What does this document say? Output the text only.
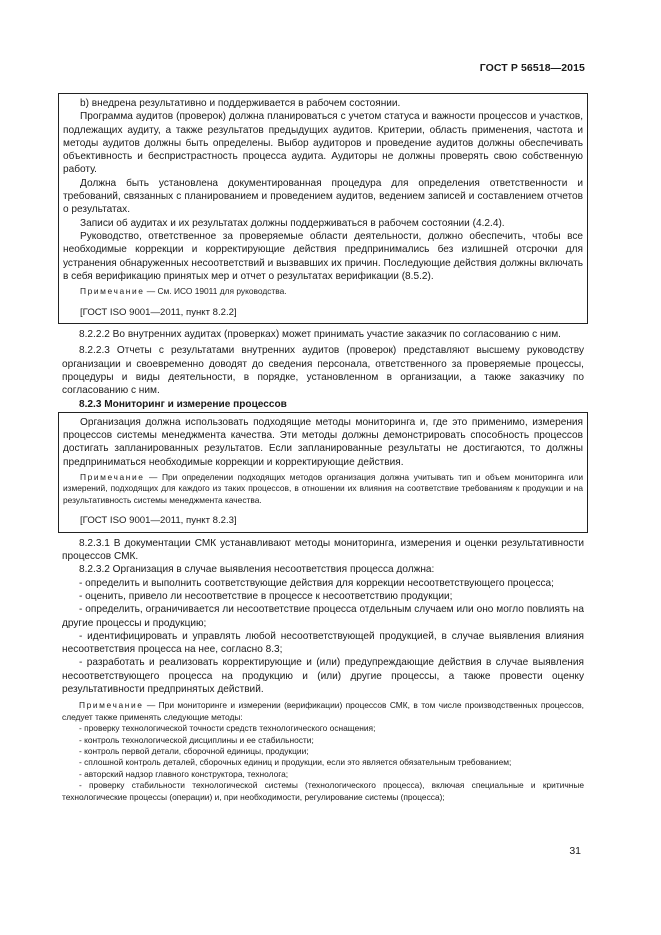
ГОСТ Р 56518—2015

b) внедрена результативно и поддерживается в рабочем состоянии.

Программа аудитов (проверок) должна планироваться с учетом статуса и важности процессов и участков, подлежащих аудиту, а также результатов предыдущих аудитов. Критерии, область применения, частота и методы аудитов должны быть определены. Выбор аудиторов и проведение аудитов должны обеспечивать объективность и беспристрастность процесса аудита. Аудиторы не должны проверять свою собственную работу.

Должна быть установлена документированная процедура для определения ответственности и требований, связанных с планированием и проведением аудитов, ведением записей и составлением отчетов о результатах.

Записи об аудитах и их результатах должны поддерживаться в рабочем состоянии (4.2.4).

Руководство, ответственное за проверяемые области деятельности, должно обеспечить, чтобы все необходимые коррекции и корректирующие действия предпринимались без излишней отсрочки для устранения обнаруженных несоответствий и вызвавших их причин. Последующие действия должны включать в себя верификацию принятых мер и отчет о результатах верификации (8.5.2).

Примечание — См. ИСО 19011 для руководства.

[ГОСТ ISO 9001—2011, пункт 8.2.2]

8.2.2.2 Во внутренних аудитах (проверках) может принимать участие заказчик по согласованию с ним.

8.2.2.3 Отчеты с результатами внутренних аудитов (проверок) представляют высшему руководству организации и своевременно доводят до сведения персонала, ответственного за проверяемые процессы, процедуры и виды деятельности, в порядке, установленном в организации, а также заказчику по согласованию с ним.

8.2.3 Мониторинг и измерение процессов

Организация должна использовать подходящие методы мониторинга и, где это применимо, измерения процессов системы менеджмента качества. Эти методы должны демонстрировать способность процессов достигать запланированных результатов. Если запланированные результаты не достигаются, то должны предприниматься необходимые коррекции и корректирующие действия.

Примечание — При определении подходящих методов организация должна учитывать тип и объем мониторинга или измерений, подходящих для каждого из таких процессов, в отношении их влияния на соответствие требованиям к продукции и на результативность системы менеджмента качества.

[ГОСТ ISO 9001—2011, пункт 8.2.3]

8.2.3.1 В документации СМК устанавливают методы мониторинга, измерения и оценки результативности процессов СМК.

8.2.3.2 Организация в случае выявления несоответствия процесса должна:

- определить и выполнить соответствующие действия для коррекции несоответствующего процесса;

- оценить, привело ли несоответствие в процессе к несоответствию продукции;

- определить, ограничивается ли несоответствие процесса отдельным случаем или оно могло повлиять на другие процессы и продукцию;

- идентифицировать и управлять любой несоответствующей продукцией, в случае выявления влияния несоответствия процесса на нее, согласно 8.3;

- разработать и реализовать корректирующие и (или) предупреждающие действия в случае выявления несоответствующего процесса на продукцию и (или) другие процессы, а также провести оценку результативности предпринятых действий.

Примечание — При мониторинге и измерении (верификации) процессов СМК, в том числе производственных процессов, следует также применять следующие методы:

- проверку технологической точности средств технологического оснащения;

- контроль технологической дисциплины и ее стабильности;

- контроль первой детали, сборочной единицы, продукции;

- сплошной контроль деталей, сборочных единиц и продукции, если это является обязательным требованием;

- авторский надзор главного конструктора, технолога;

- проверку стабильности технологической системы (технологического процесса), включая специальные и критичные технологические процессы (операции) и, при необходимости, регулирование системы (процесса);

31
